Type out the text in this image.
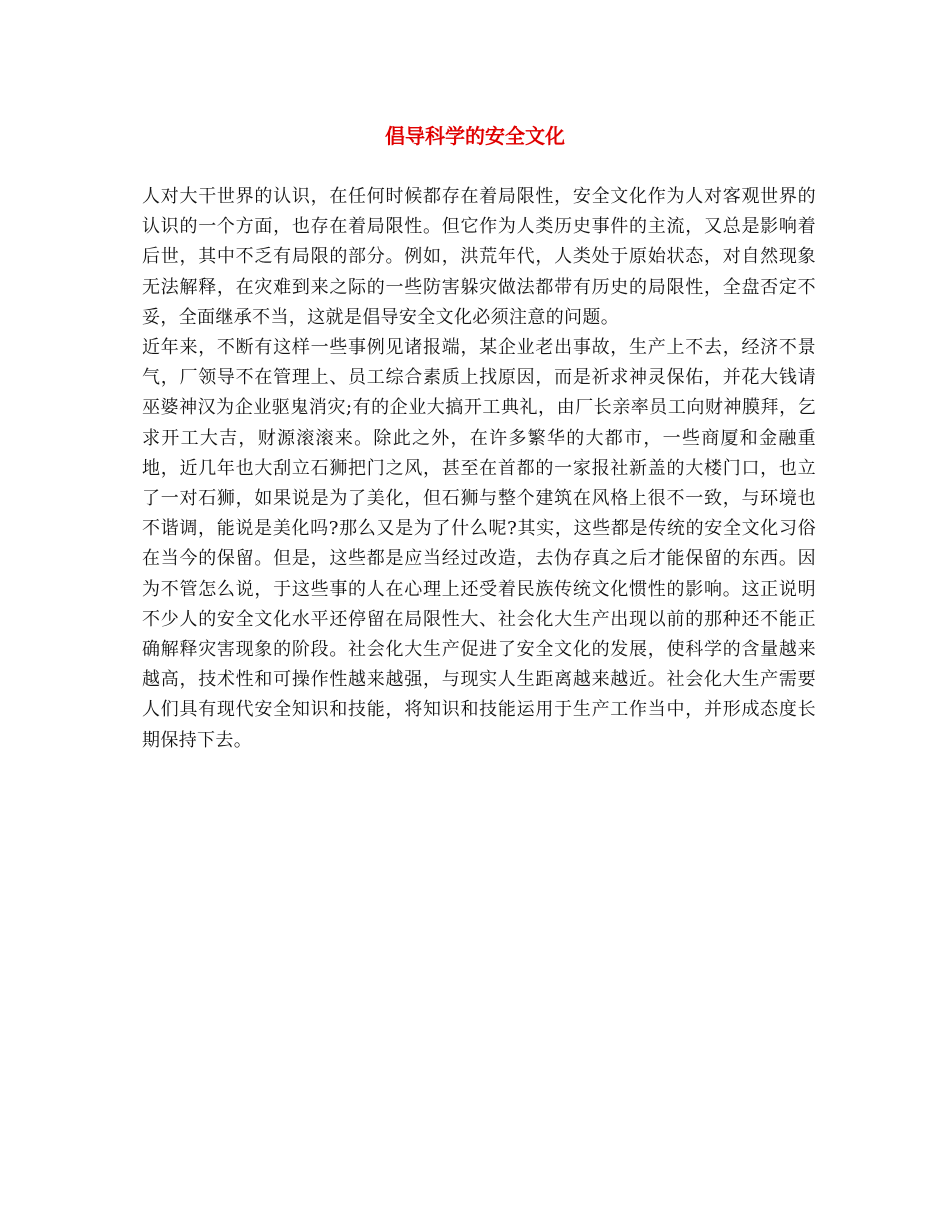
倡导科学的安全文化

人对大干世界的认识，在任何时候都存在着局限性，安全文化作为人对客观世界的认识的一个方面，也存在着局限性。但它作为人类历史事件的主流，又总是影响着后世，其中不乏有局限的部分。例如，洪荒年代，人类处于原始状态，对自然现象无法解释，在灾难到来之际的一些防害躲灾做法都带有历史的局限性，全盘否定不妥，全面继承不当，这就是倡导安全文化必须注意的问题。

近年来，不断有这样一些事例见诸报端，某企业老出事故，生产上不去，经济不景气，厂领导不在管理上、员工综合素质上找原因，而是祈求神灵保佑，并花大钱请巫婆神汉为企业驱鬼消灾;有的企业大搞开工典礼，由厂长亲率员工向财神膜拜，乞求开工大吉，财源滚滚来。除此之外，在许多繁华的大都市，一些商厦和金融重地，近几年也大刮立石狮把门之风，甚至在首都的一家报社新盖的大楼门口，也立了一对石狮，如果说是为了美化，但石狮与整个建筑在风格上很不一致，与环境也不谐调，能说是美化吗?那么又是为了什么呢?其实，这些都是传统的安全文化习俗在当今的保留。但是，这些都是应当经过改造，去伪存真之后才能保留的东西。因为不管怎么说，于这些事的人在心理上还受着民族传统文化惯性的影响。这正说明不少人的安全文化水平还停留在局限性大、社会化大生产出现以前的那种还不能正确解释灾害现象的阶段。社会化大生产促进了安全文化的发展，使科学的含量越来越高，技术性和可操作性越来越强，与现实人生距离越来越近。社会化大生产需要人们具有现代安全知识和技能，将知识和技能运用于生产工作当中，并形成态度长期保持下去。
